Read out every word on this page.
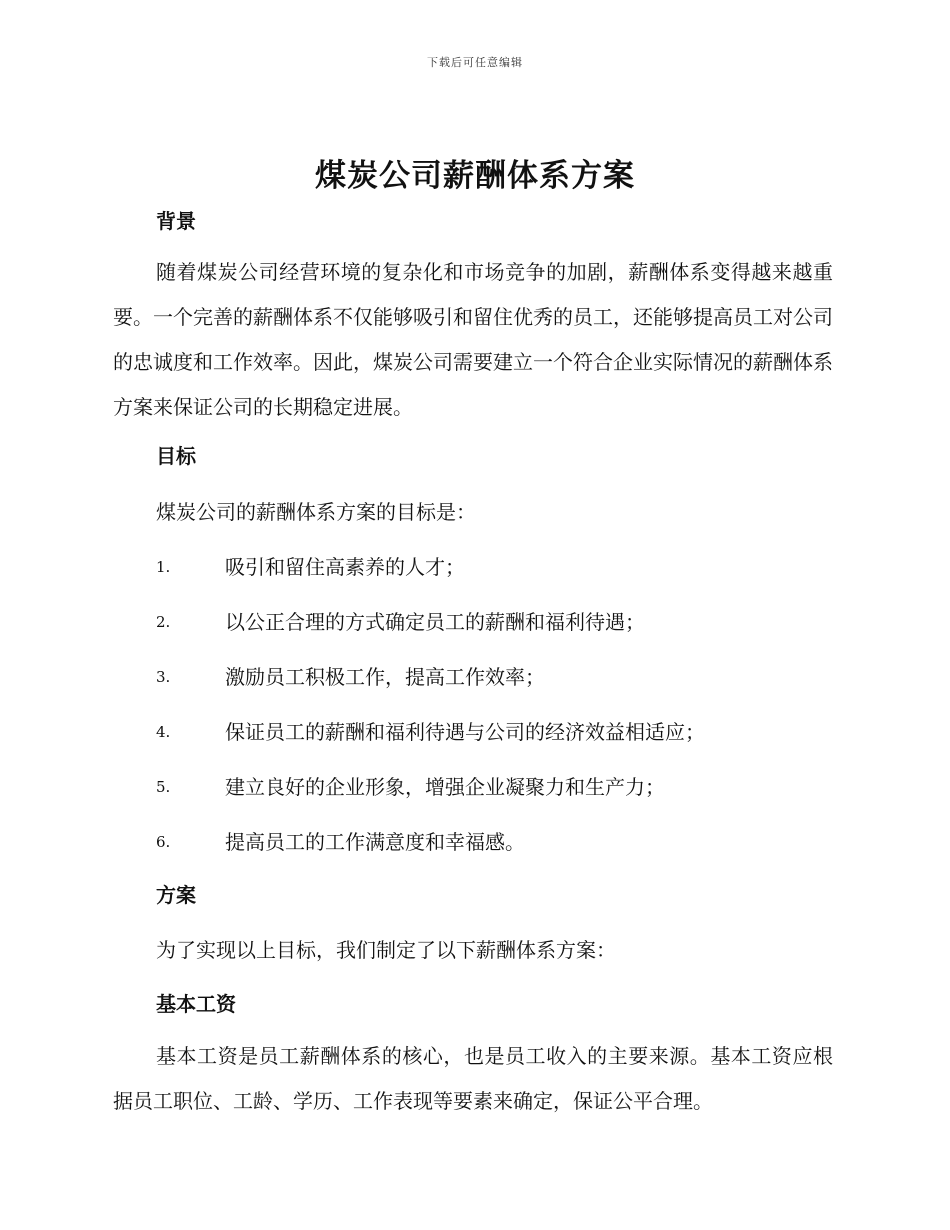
下载后可任意编辑
煤炭公司薪酬体系方案
背景

随着煤炭公司经营环境的复杂化和市场竞争的加剧，薪酬体系变得越来越重要。一个完善的薪酬体系不仅能够吸引和留住优秀的员工，还能够提高员工对公司的忠诚度和工作效率。因此，煤炭公司需要建立一个符合企业实际情况的薪酬体系方案来保证公司的长期稳定进展。

目标

煤炭公司的薪酬体系方案的目标是：

1.	吸引和留住高素养的人才；
2.	以公正合理的方式确定员工的薪酬和福利待遇；
3.	激励员工积极工作，提高工作效率；
4.	保证员工的薪酬和福利待遇与公司的经济效益相适应；
5.	建立良好的企业形象，增强企业凝聚力和生产力；
6.	提高员工的工作满意度和幸福感。
方案

为了实现以上目标，我们制定了以下薪酬体系方案：

基本工资

基本工资是员工薪酬体系的核心，也是员工收入的主要来源。基本工资应根据员工职位、工龄、学历、工作表现等要素来确定，保证公平合理。
